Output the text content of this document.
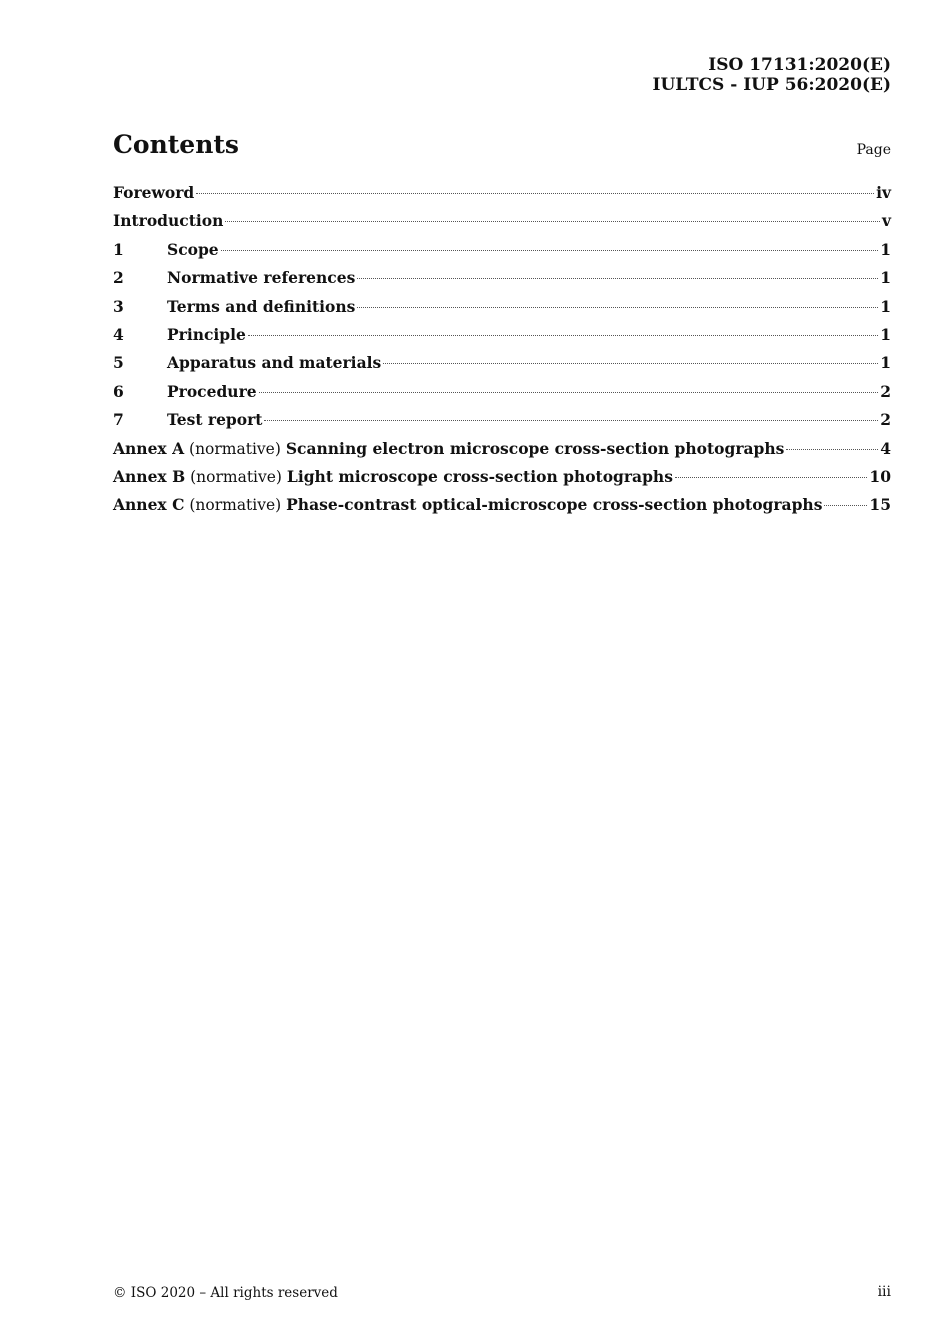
ISO 17131:2020(E)
IULTCS - IUP 56:2020(E)
Contents	Page
Foreword	iv
Introduction	v
1	Scope	1
2	Normative references	1
3	Terms and definitions	1
4	Principle	1
5	Apparatus and materials	1
6	Procedure	2
7	Test report	2
Annex A
(normative)
Scanning electron microscope cross-section photographs	4
Annex B
(normative)
Light microscope cross-section photographs	10
Annex C
(normative)
Phase-contrast optical-microscope cross-section photographs	15
© ISO 2020 – All rights reserved	iii
